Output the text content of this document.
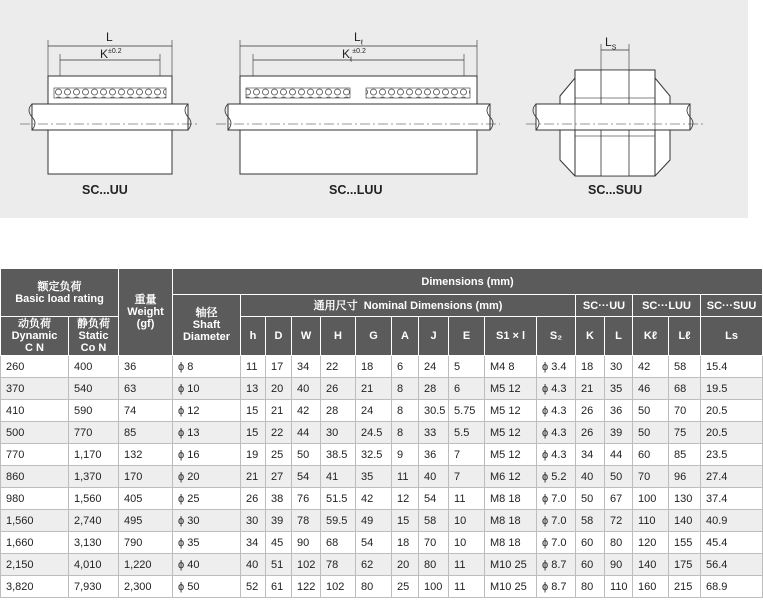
L
$K^{\pm 0.2}$
SC...UU
$L_\ell$
$K_\ell^{\pm 0.2}$
SC...LUU
$L_S$
SC...SUU
额定负荷
Basic load rating		重量
Weight
(gf)	Dimensions (mm)															
			轴径
Shaft
Diameter	通用尺寸 Nominal Dimensions (mm)										SC···UU		SC···LUU		SC···SUU
动负荷
Dynamic
C N	静负荷
Static
Co N			h	D	W	H	G	A	J	E	S1 × l	S₂	K	L	Kℓ	Lℓ	Ls
260	400	36	ϕ 8	11	17	34	22	18	6	24	5	M4 8	ϕ 3.4	18	30	42	58	15.4
370	540	63	ϕ 10	13	20	40	26	21	8	28	6	M5 12	ϕ 4.3	21	35	46	68	19.5
410	590	74	ϕ 12	15	21	42	28	24	8	30.5	5.75	M5 12	ϕ 4.3	26	36	50	70	20.5
500	770	85	ϕ 13	15	22	44	30	24.5	8	33	5.5	M5 12	ϕ 4.3	26	39	50	75	20.5
770	1,170	132	ϕ 16	19	25	50	38.5	32.5	9	36	7	M5 12	ϕ 4.3	34	44	60	85	23.5
860	1,370	170	ϕ 20	21	27	54	41	35	11	40	7	M6 12	ϕ 5.2	40	50	70	96	27.4
980	1,560	405	ϕ 25	26	38	76	51.5	42	12	54	11	M8 18	ϕ 7.0	50	67	100	130	37.4
1,560	2,740	495	ϕ 30	30	39	78	59.5	49	15	58	10	M8 18	ϕ 7.0	58	72	110	140	40.9
1,660	3,130	790	ϕ 35	34	45	90	68	54	18	70	10	M8 18	ϕ 7.0	60	80	120	155	45.4
2,150	4,010	1,220	ϕ 40	40	51	102	78	62	20	80	11	M10 25	ϕ 8.7	60	90	140	175	56.4
3,820	7,930	2,300	ϕ 50	52	61	122	102	80	25	100	11	M10 25	ϕ 8.7	80	110	160	215	68.9
